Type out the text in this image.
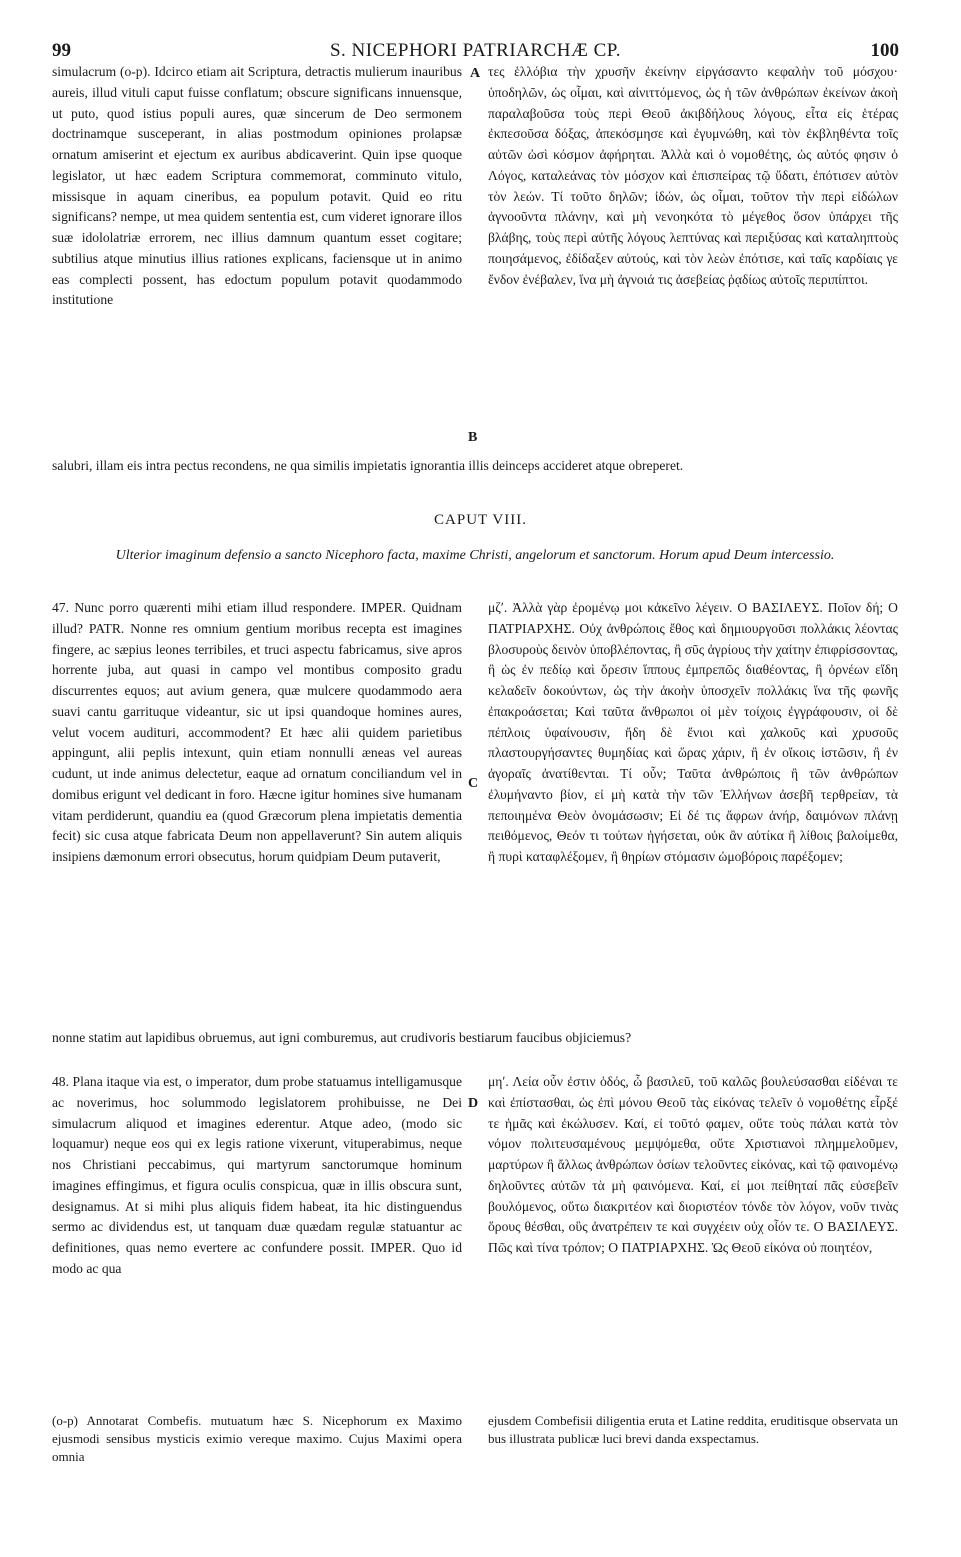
99	S. NICEPHORI PATRIARCHÆ CP.	100

simulacrum (o-p). Idcirco etiam ait Scriptura, detractis mulierum inauribus aureis, illud vituli caput fuisse conflatum; obscure significans innuensque, ut puto, quod istius populi aures, quæ sincerum de Deo sermonem doctrinamque susceperant, in alias postmodum opiniones prolapsæ ornatum amiserint et ejectum ex auribus abdicaverint. Quin ipse quoque legislator, ut hæc eadem Scriptura commemorat, comminuto vitulo, missisque in aquam cineribus, ea populum potavit. Quid eo ritu significans? nempe, ut mea quidem sententia est, cum videret ignorare illos suæ idololatriæ errorem, nec illius damnum quantum esset cogitare; subtilius atque minutius illius rationes explicans, faciensque ut in animo eas complecti possent, has edoctum populum potavit quodammodo institutione

A τες ἑλλόβια τὴν χρυσῆν ἐκείνην εἰργάσαντο κεφαλὴν τοῦ μόσχου· ὑποδηλῶν, ὡς οἶμαι, καὶ αἰνιττόμενος, ὡς ἡ τῶν ἀνθρώπων ἐκείνων ἀκοὴ παραλαβοῦσα τοὺς περὶ Θεοῦ ἀκιβδήλους λόγους, εἶτα εἰς ἑτέρας ἐκπεσοῦσα δόξας, ἀπεκόσμησε καὶ ἐγυμνώθη, καὶ τὸν ἐκβληθέντα τοῖς αὐτῶν ὠσὶ κόσμον ἀφήρηται. Ἀλλὰ καὶ ὁ νομοθέτης, ὡς αὐτός φησιν ὁ Λόγος, καταλεάνας τὸν μόσχον καὶ ἐπισπείρας τῷ ὕδατι, ἐπότισεν αὐτὸν τὸν λεών. Τί τοῦτο δηλῶν; ἰδών, ὡς οἶμαι, τοῦτον τὴν περὶ εἰδώλων ἀγνοοῦντα πλάνην, καὶ μὴ νενοηκότα τὸ μέγεθος ὅσον ὑπάρχει τῆς βλάβης, τοὺς περὶ αὐτῆς λόγους λεπτύνας καὶ περιξύσας καὶ καταληπτοὺς ποιησάμενος, ἐδίδαξεν αὐτούς, καὶ τὸν λεὼν ἐπότισε, καὶ ταῖς καρδίαις γε ἔνδον ἐνέβαλεν, ἵνα μὴ ἀγνοιά τις ἀσεβείας ῥᾳδίως αὐτοῖς περιπίπτοι.

B
salubri, illam eis intra pectus recondens, ne qua similis impietatis ignorantia illis deinceps accideret atque obreperet.
CAPUT VIII.
Ulterior imaginum defensio a sancto Nicephoro facta, maxime Christi, angelorum et sanctorum. Horum apud Deum intercessio.

47. Nunc porro quærenti mihi etiam illud respondere. IMPER. Quidnam illud? PATR. Nonne res omnium gentium moribus recepta est imagines fingere, ac sæpius leones terribiles, et truci aspectu fabricamus, sive apros horrente juba, aut quasi in campo vel montibus composito gradu discurrentes equos; aut avium genera, quæ mulcere quodammodo aera suavi cantu garrituque videantur, sic ut ipsi quandoque homines aures, velut vocem audituri, accommodent? Et hæc alii quidem parietibus appingunt, alii peplis intexunt, quin etiam nonnulli æneas vel aureas cudunt, ut inde animus delectetur, eaque ad ornatum conciliandum vel in domibus erigunt vel dedicant in foro. Hæcne igitur homines sive humanam vitam perdiderunt, quandiu ea (quod Græcorum plena impietatis dementia fecit) sic cusa atque fabricata Deum non appellaverunt? Sin autem aliquis insipiens dæmonum errori obsecutus, horum quidpiam Deum putaverit,

C

μζʹ. Ἀλλὰ γὰρ ἐρομένῳ μοι κἀκεῖνο λέγειν. Ο ΒΑΣΙΛΕΥΣ. Ποῖον δή; Ο ΠΑΤΡΙΑΡΧΗΣ. Οὐχ ἀνθρώποις ἔθος καὶ δημιουργοῦσι πολλάκις λέοντας βλοσυροὺς δεινὸν ὑποβλέποντας, ἢ σῦς ἀγρίους τὴν χαίτην ἐπιφρίσσοντας, ἢ ὡς ἐν πεδίῳ καὶ ὄρεσιν ἵππους ἐμπρεπῶς διαθέοντας, ἢ ὀρνέων εἴδη κελαδεῖν δοκούντων, ὡς τὴν ἀκοὴν ὑποσχεῖν πολλάκις ἵνα τῆς φωνῆς ἐπακροάσεται; Καὶ ταῦτα ἄνθρωποι οἱ μὲν τοίχοις ἐγγράφουσιν, οἱ δὲ πέπλοις ὑφαίνουσιν, ἤδη δὲ ἔνιοι καὶ χαλκοῦς καὶ χρυσοῦς πλαστουργήσαντες θυμηδίας καὶ ὥρας χάριν, ἢ ἐν οἴκοις ἱστῶσιν, ἢ ἐν ἀγοραῖς ἀνατίθενται. Τί οὖν; Ταῦτα ἀνθρώποις ἢ τῶν ἀνθρώπων ἐλυμήναντο βίον, εἰ μὴ κατὰ τὴν τῶν Ἑλλήνων ἀσεβῆ τερθρείαν, τὰ πεποιημένα Θεὸν ὀνομάσωσιν; Εἰ δέ τις ἄφρων ἀνήρ, δαιμόνων πλάνῃ πειθόμενος, Θεόν τι τούτων ἡγήσεται, οὐκ ἂν αὐτίκα ἢ λίθοις βαλοίμεθα, ἢ πυρὶ καταφλέξομεν, ἢ θηρίων στόμασιν ὠμοβόροις παρέξομεν;

nonne statim aut lapidibus obruemus, aut igni comburemus, aut crudivoris bestiarum faucibus objiciemus?

48. Plana itaque via est, o imperator, dum probe statuamus intelligamusque ac noverimus, hoc solummodo legislatorem prohibuisse, ne Dei simulacrum aliquod et imagines ederentur. Atque adeo, (modo sic loquamur) neque eos qui ex legis ratione vixerunt, vituperabimus, neque nos Christiani peccabimus, qui martyrum sanctorumque hominum imagines effingimus, et figura oculis conspicua, quæ in illis obscura sunt, designamus. At si mihi plus aliquis fidem habeat, ita hic distinguendus sermo ac dividendus est, ut tanquam duæ quædam regulæ statuantur ac definitiones, quas nemo evertere ac confundere possit. IMPER. Quo id modo ac qua

D

μηʹ. Λεία οὖν ἐστιν ὁδός, ὦ βασιλεῦ, τοῦ καλῶς βουλεύσασθαι εἰδέναι τε καὶ ἐπίστασθαι, ὡς ἐπὶ μόνου Θεοῦ τὰς εἰκόνας τελεῖν ὁ νομοθέτης εἷρξέ τε ἡμᾶς καὶ ἐκώλυσεν. Καί, εἰ τοῦτό φαμεν, οὔτε τοὺς πάλαι κατὰ τὸν νόμον πολιτευσαμένους μεμψόμεθα, οὔτε Χριστιανοὶ πλημμελοῦμεν, μαρτύρων ἢ ἄλλως ἀνθρώπων ὁσίων τελοῦντες εἰκόνας, καὶ τῷ φαινομένῳ δηλοῦντες αὐτῶν τὰ μὴ φαινόμενα. Καί, εἰ μοι πείθηταί πᾶς εὐσεβεῖν βουλόμενος, οὕτω διακριτέον καὶ διοριστέον τόνδε τὸν λόγον, νοῦν τινὰς ὅρους θέσθαι, οὓς ἀνατρέπειν τε καὶ συγχέειν οὐχ οἷόν τε. Ο ΒΑΣΙΛΕΥΣ. Πῶς καὶ τίνα τρόπον; Ο ΠΑΤΡΙΑΡΧΗΣ. Ὡς Θεοῦ εἰκόνα οὐ ποιητέον,

(o-p) Annotarat Combefis. mutuatum hæc S. Nicephorum ex Maximo ejusmodi sensibus mysticis eximio vereque maximo. Cujus Maximi opera omnia

ejusdem Combefisii diligentia eruta et Latine reddita, eruditisque observata un bus illustrata publicæ luci brevi danda exspectamus.
